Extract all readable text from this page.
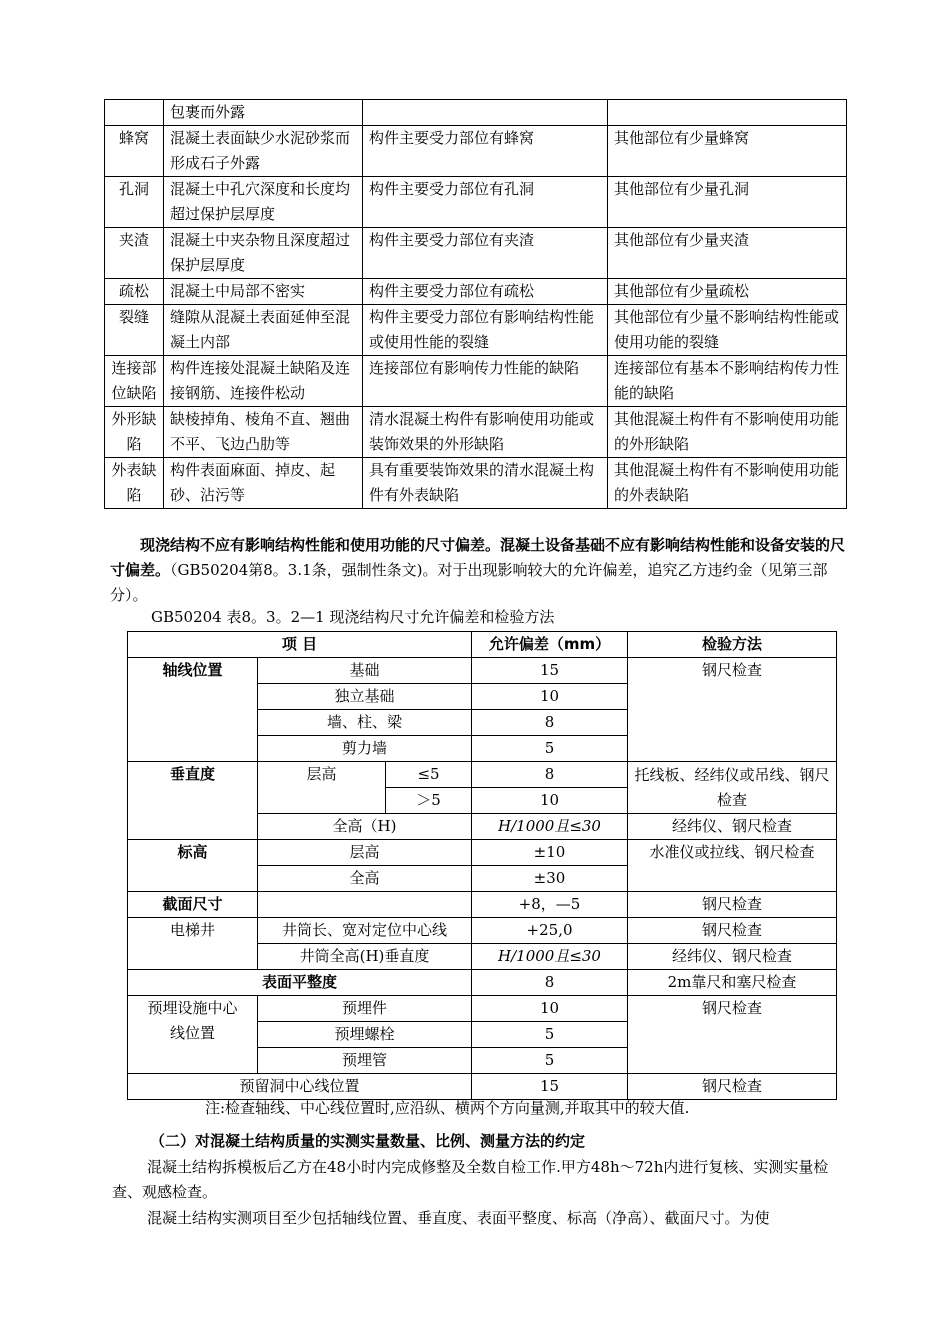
	包裹而外露		
蜂窝	混凝土表面缺少水泥砂浆而形成石子外露	构件主要受力部位有蜂窝	其他部位有少量蜂窝
孔洞	混凝土中孔穴深度和长度均超过保护层厚度	构件主要受力部位有孔洞	其他部位有少量孔洞
夹渣	混凝土中夹杂物且深度超过保护层厚度	构件主要受力部位有夹渣	其他部位有少量夹渣
疏松	混凝土中局部不密实	构件主要受力部位有疏松	其他部位有少量疏松
裂缝	缝隙从混凝土表面延伸至混凝土内部	构件主要受力部位有影响结构性能或使用性能的裂缝	其他部位有少量不影响结构性能或使用功能的裂缝
连接部位缺陷	构件连接处混凝土缺陷及连接钢筋、连接件松动	连接部位有影响传力性能的缺陷	连接部位有基本不影响结构传力性能的缺陷
外形缺陷	缺棱掉角、棱角不直、翘曲不平、飞边凸肋等	清水混凝土构件有影响使用功能或装饰效果的外形缺陷	其他混凝土构件有不影响使用功能的外形缺陷
外表缺陷	构件表面麻面、掉皮、起砂、沾污等	具有重要装饰效果的清水混凝土构件有外表缺陷	其他混凝土构件有不影响使用功能的外表缺陷
现浇结构不应有影响结构性能和使用功能的尺寸偏差。混凝土设备基础不应有影响结构性能和设备安装的尺寸偏差。（GB50204第8。3.1条，强制性条文)。对于出现影响较大的允许偏差，追究乙方违约金（见第三部分）。
GB50204 表8。3。2—1 现浇结构尺寸允许偏差和检验方法
项 目			允许偏差（mm）	检验方法
轴线位置	基础		15	钢尺检查
	独立基础		10	
	墙、柱、梁		8	
	剪力墙		5	
垂直度	层高	≤5	8	托线板、经纬仪或吊线、钢尺检查
		＞5	10	
	全高（H)		H/1000且≤30	经纬仪、钢尺检查
标高	层高		±10	水准仪或拉线、钢尺检查
	全高		±30	
截面尺寸			+8，—5	钢尺检查
电梯井	井筒长、宽对定位中心线		+25,0	钢尺检查
	井筒全高(H)垂直度		H/1000且≤30	经纬仪、钢尺检查
表面平整度			8	2m靠尺和塞尺检查
预埋设施中心线位置	预埋件		10	钢尺检查
	预埋螺栓		5	
	预埋管		5	
预留洞中心线位置			15	钢尺检查
注:检查轴线、中心线位置时,应沿纵、横两个方向量测,并取其中的较大值.
（二）对混凝土结构质量的实测实量数量、比例、测量方法的约定
混凝土结构拆模板后乙方在48小时内完成修整及全数自检工作.甲方48h～72h内进行复核、实测实量检查、观感检查。
混凝土结构实测项目至少包括轴线位置、垂直度、表面平整度、标高（净高）、截面尺寸。为使
